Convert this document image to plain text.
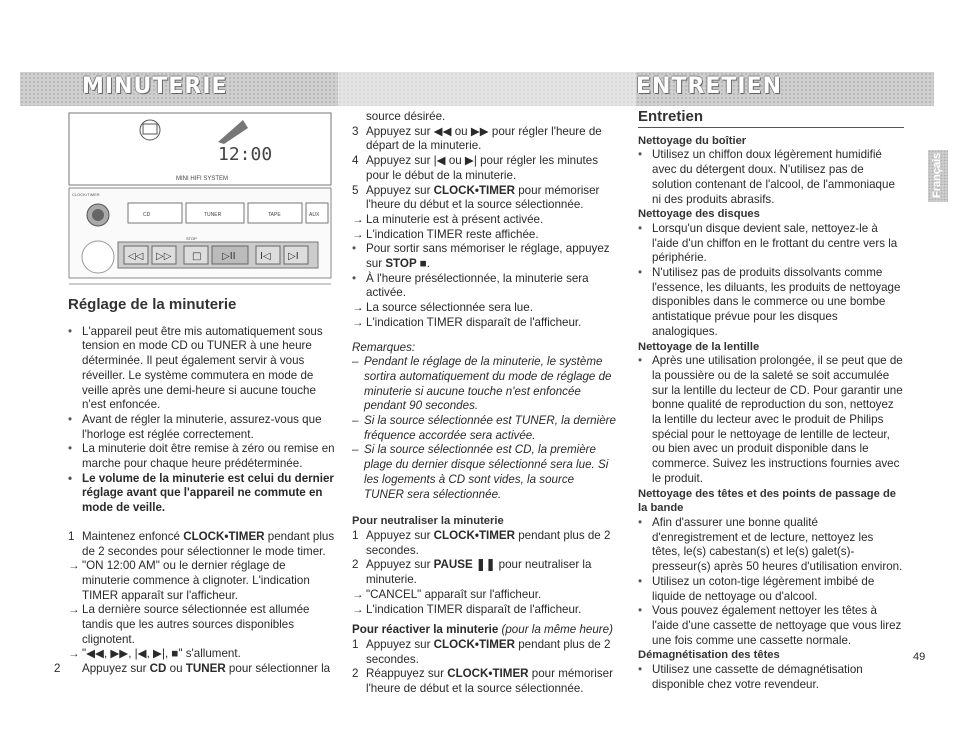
MINUTERIE	ENTRETIEN
12:00
MINI HIFI SYSTEM
CLOCK•TIMER
CD	TUNER	TAPE	AUX
◁◁ ▷▷ □ ▷II I◁ ▷I
STOP
Réglage de la minuterie

• L'appareil peut être mis automatiquement sous tension en mode CD ou TUNER à une heure déterminée. Il peut également servir à vous réveiller. Le système commutera en mode de veille après une demi-heure si aucune touche n'est enfoncée.

• Avant de régler la minuterie, assurez-vous que l'horloge est réglée correctement.

• La minuterie doit être remise à zéro ou remise en marche pour chaque heure prédéterminée.

• Le volume de la minuterie est celui du dernier réglage avant que l'appareil ne commute en mode de veille.

1 Maintenez enfoncé CLOCK•TIMER pendant plus de 2 secondes pour sélectionner le mode timer.

→ "ON 12:00 AM" ou le dernier réglage de minuterie commence à clignoter. L'indication TIMER apparaît sur l'afficheur.

→ La dernière source sélectionnée est allumée tandis que les autres sources disponibles clignotent.

→ "◀◀, ▶▶, |◀, ▶|, ■" s'allument.

2 Appuyez sur CD ou TUNER pour sélectionner la

source désirée.

3 Appuyez sur ◀◀ ou ▶▶ pour régler l'heure de départ de la minuterie.

4 Appuyez sur |◀ ou ▶| pour régler les minutes pour le début de la minuterie.

5 Appuyez sur CLOCK•TIMER pour mémoriser l'heure du début et la source sélectionnée.

→ La minuterie est à présent activée.

→ L'indication TIMER reste affichée.

• Pour sortir sans mémoriser le réglage, appuyez sur STOP ■.

• À l'heure présélectionnée, la minuterie sera activée.

→ La source sélectionnée sera lue.

→ L'indication TIMER disparaît de l'afficheur.

Remarques:

– Pendant le réglage de la minuterie, le système sortira automatiquement du mode de réglage de minuterie si aucune touche n'est enfoncée pendant 90 secondes.

– Si la source sélectionnée est TUNER, la dernière fréquence accordée sera activée.

– Si la source sélectionnée est CD, la première plage du dernier disque sélectionné sera lue. Si les logements à CD sont vides, la source TUNER sera sélectionnée.

Pour neutraliser la minuterie

1 Appuyez sur CLOCK•TIMER pendant plus de 2 secondes.

2 Appuyez sur PAUSE ❚❚ pour neutraliser la minuterie.

→ "CANCEL" apparaît sur l'afficheur.

→ L'indication TIMER disparaît de l'afficheur.

Pour réactiver la minuterie (pour la même heure)

1 Appuyez sur CLOCK•TIMER pendant plus de 2 secondes.

2 Réappuyez sur CLOCK•TIMER pour mémoriser l'heure de début et la source sélectionnée.

Entretien

Nettoyage du boîtier

• Utilisez un chiffon doux légèrement humidifié avec du détergent doux. N'utilisez pas de solution contenant de l'alcool, de l'ammoniaque ni des produits abrasifs.

Nettoyage des disques

• Lorsqu'un disque devient sale, nettoyez-le à l'aide d'un chiffon en le frottant du centre vers la périphérie.

• N'utilisez pas de produits dissolvants comme l'essence, les diluants, les produits de nettoyage disponibles dans le commerce ou une bombe antistatique prévue pour les disques analogiques.

Nettoyage de la lentille

• Après une utilisation prolongée, il se peut que de la poussière ou de la saleté se soit accumulée sur la lentille du lecteur de CD. Pour garantir une bonne qualité de reproduction du son, nettoyez la lentille du lecteur avec le produit de Philips spécial pour le nettoyage de lentille de lecteur, ou bien avec un produit disponible dans le commerce. Suivez les instructions fournies avec le produit.

Nettoyage des têtes et des points de passage de la bande

• Afin d'assurer une bonne qualité d'enregistrement et de lecture, nettoyez les têtes, le(s) cabestan(s) et le(s) galet(s)-presseur(s) après 50 heures d'utilisation environ.

• Utilisez un coton-tige légèrement imbibé de liquide de nettoyage ou d'alcool.

• Vous pouvez également nettoyer les têtes à l'aide d'une cassette de nettoyage que vous lirez une fois comme une cassette normale.

Démagnétisation des têtes

• Utilisez une cassette de démagnétisation disponible chez votre revendeur.

Français
49
